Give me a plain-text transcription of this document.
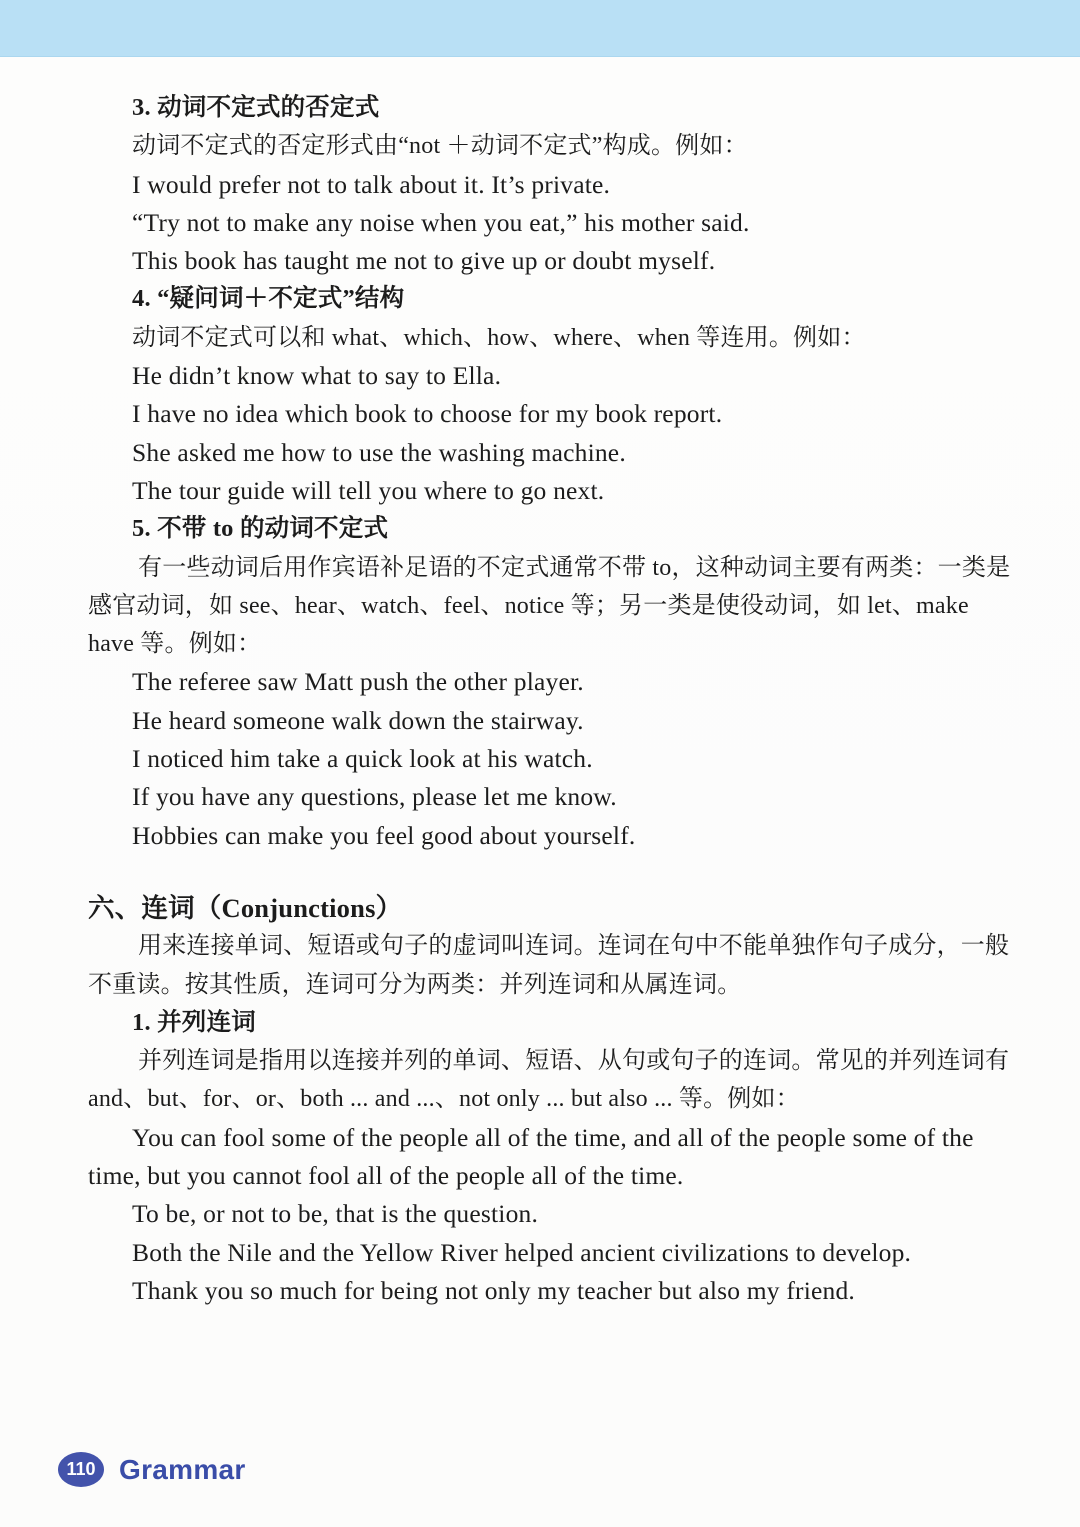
3. 动词不定式的否定式
动词不定式的否定形式由“not ＋动词不定式”构成。例如：
I would prefer not to talk about it. It’s private.
“Try not to make any noise when you eat,” his mother said.
This book has taught me not to give up or doubt myself.
4. “疑问词＋不定式”结构
动词不定式可以和 what、which、how、where、when 等连用。例如：
He didn’t know what to say to Ella.
I have no idea which book to choose for my book report.
She asked me how to use the washing machine.
The tour guide will tell you where to go next.
5. 不带 to 的动词不定式
有一些动词后用作宾语补足语的不定式通常不带 to，这种动词主要有两类：一类是
感官动词，如 see、hear、watch、feel、notice 等；另一类是使役动词，如 let、make
have 等。例如：
The referee saw Matt push the other player.
He heard someone walk down the stairway.
I noticed him take a quick look at his watch.
If you have any questions, please let me know.
Hobbies can make you feel good about yourself.
六、连词（Conjunctions）
用来连接单词、短语或句子的虚词叫连词。连词在句中不能单独作句子成分，一般
不重读。按其性质，连词可分为两类：并列连词和从属连词。
1. 并列连词
并列连词是指用以连接并列的单词、短语、从句或句子的连词。常见的并列连词有
and、but、for、or、both ... and ...、not only ... but also ... 等。例如：
You can fool some of the people all of the time, and all of the people some of the
time, but you cannot fool all of the people all of the time.
To be, or not to be, that is the question.
Both the Nile and the Yellow River helped ancient civilizations to develop.
Thank you so much for being not only my teacher but also my friend.
110 Grammar
